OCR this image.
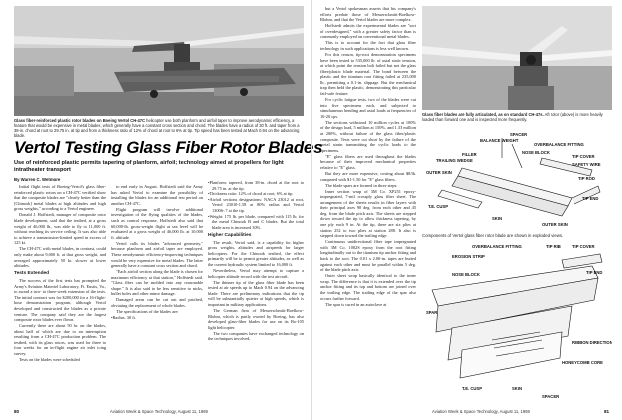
Glass fiber-reinforced plastic rotor blades on Boeing Vertol CH-47C helicopter use both planform and airfoil taper to improve aerodynamic efficiency, a feature that would be expensive in metal blades, which generally have a constant cross section and chord. The blades have a radius of 30 ft. and taper from a 38-in. chord at root to 29.75 in. at tip and from a thickness ratio of 12% of chord at root to 6% at tip. Tip speed has been tested at Mach 0.94 on the advancing blade.
Vertol Testing Glass Fiber Rotor Blades
Use of reinforced plastic permits tapering of planform, airfoil; technology aimed at propellers for light intratheater transport
By Warren C. Wetmore

Initial flight tests of Boeing-Vertol's glass fiber-reinforced plastic rotors on a CH-47C verified show that the composite blades are "clearly better than the [Chinook] metal blades at high altitudes and high gross weights," according to a Vertol engineer.

Donald J. Hoffstedt, manager of composite rotor blade development, said that the testbed, at a gross weight of 46,000 lb., was able to fly to 11,000 ft. without reaching its service ceiling. It was also able to achieve a transmission-limited speed in excess of 125 kt.

The CH-47C with metal blades, in contrast, could only make about 9,000 ft. at that gross weight, and averaged approximately 50 kt. slower at lower altitudes.

Tests Extended

The success of the first tests has prompted the Army's Aviation Materiel Laboratory, Ft. Eustis, Va., to award a two- to three-week extension of the tests. The initial contract was for $200,000 for a 16-flight-hour demonstration program, although Vertol developed and constructed the blades as a private venture. The company said they are the largest composite rotor blades ever flown.

Currently there are about 50 hr. on the blades, about half of which are due to an interruption resulting from a CH-47C production problem. The testbed, with its glass rotors, was used for three to four weeks for an in-flight engine air inlet icing survey.

Tests on the blades were scheduled

to end early in August. Hoffstedt said the Army has asked Vertol to examine the possibility of installing the blades for an additional test period on another CH-47C.

Flight program will involve additional investigation of the flying qualities of the blades, such as control response, Hoffstedt also said that 60,000-lb. gross-weight flight at sea level will be evaluated at a gross weight of 46,000 lb. at 10,000 ft. altitude.

Vertol calls its blades "advanced geometry," because planform and airfoil taper are employed. These aerodynamic efficiency-improving techniques would be very expensive for metal blades. The latter generally have a constant cross section and chord.

"Each airfoil section along the blade is chosen for maximum efficiency at that station," Hoffstedt said. "Glass fiber can be molded into any reasonable shape." It is also said to be less sensitive to nicks, bullet holes and other minor damage.

Damaged areas can be cut out and patched, obviating the replacement of whole blades.

The specifications of the blades are:

• Radius. 30 ft.
• Planform: tapered, from 38-in. chord at the root to 29.75 in. at the tip.
• Thickness ratio: 12% of chord at root; 6% at tip.
• Airfoil sections designations: NACA 23012 at root, Vertol 23010-1.58 at 80% radius and Vertol 13006-.7 at the tip.
• Weight: 175 lb. per blade, compared with 115 lb. for the metal Chinook B and C blades. But the total blade area is increased 30%.
Higher Capabilities

The result, Vertol said, is a capability for higher gross weights, altitudes and airspeeds for larger helicopters. For the Chinook testbed, the effect primarily will be to permit greater altitudes, as well as the current hydraulic system limited to 16,000 ft.

Nevertheless, Vertol may attempt to capture a helicopter altitude record with the test aircraft.

The thinner tip of the glass fiber blade has been tested at air speeds up to Mach 0.94 on the advancing blade. There are preliminary indications that the tip will be substantially quieter at high speeds, which is important in military applications.

The German firm of Messerschmitt-Boelkow-Blohm, which is partly owned by Boeing, has also developed glass-fiber blades for use on its Bo-105 light helicopter.

The two companies have exchanged technology on the techniques involved,

80	Aviation Week & Space Technology, August 11, 1969

but a Vertol spokesman asserts that his company's efforts predate those of Messerschmitt-Boelkow-Blohm, and that the Vertol blades are more complex.

Hoffstedt admits the experimental blades are "sort of overdesigned," with a greater safety factor than is commonly employed on conventional metal blades.

This is to account for the fact that glass fiber technology in such applications is less well known.

For this reason, tip-root demonstration specimens have been tested to 535,000 lb. of axial static tension, at which point the tension bolt failed but not the glass fiber/plastic blade material. The bond between the plastic and the titanium root fitting failed at 235,000 lb., permitting a 0.1-in. slippage. But the mechanical trap then held the plastic, demonstrating this particular fail-safe feature.

For cyclic fatigue tests, two of the blades were cut into five specimens each, and subjected to simultaneous bending and axial loads at frequencies of 10-20 cps.

The sections withstood 10 million cycles at 100% of the design load, 5 million at 150%, and 1.33 million at 200%, without failure of the glass fiber/plastic composite. Tests were cut short by the failure of the metal strain transmitting the cyclic loads to the specimens.

"E" glass fibers are used throughout the blades because of their improved mechanical properties relative to "E" glass.

But they are more expensive, costing about $8/lb. compared with $1-1.50 for "E" glass fibers.

The blade spars are formed in three steps:

Inner section wrap of 3M Co. XP251 epoxy-impregnated, 7-mil crossply glass fiber sheet. The arrangement of the sheets results in fiber layers with their principal axes 90 deg. from each other and 45 deg. from the blade pitch axis. The sheets are stepped down toward the tip to allow thickness tapering, by one ply each 9 in. At the tip, there are six plies at station 252 to two plies at station 288. It also is stepped down toward the trailing edge.

Continuous unidirectional fiber tape impregnated with 3M Co. 1002S epoxy from the root fitting longitudinally out to the titanium tip anchor fitting and back to the root. The 0.01 x 2.00-in. tapes are butted against each other and must be parallel within 5 deg. of the blade pitch axis.

Outer sheet wrap basically identical to the inner wrap. The difference is that it is extended over the tip anchor fitting and its top and bottom are joined over the trailing edge. The trailing edge of the spar also occurs farther forward.

The spar is cured in an autoclave at

Glass fiber blades are fully articulated, as on standard CH-47s. Aft rotor (above) is more heavily loaded than forward one and is inspected more frequently.
SPACER
BALANCE WEIGHT
OVERBALANCE FITTING
NOSE BLOCK
FILLER
TRAILING WEDGE
TIP COVER
SAFETY WIRE
TIP ROD
OUTER SKIN
TIP END
T.E. CUSP
SKIN
OUTER SKIN
Components of Vertol glass fiber rotor blade are shown in exploded views.
OVERBALANCE FITTING	TIP RIB	TIP COVER
EROSION STRIP
TIP END
NOSE BLOCK
SPAR
RIBBON DIRECTION
HONEYCOMB CORE
T.E. CUSP	SKIN
SPACER
Aviation Week & Space Technology, August 11, 1969	81
